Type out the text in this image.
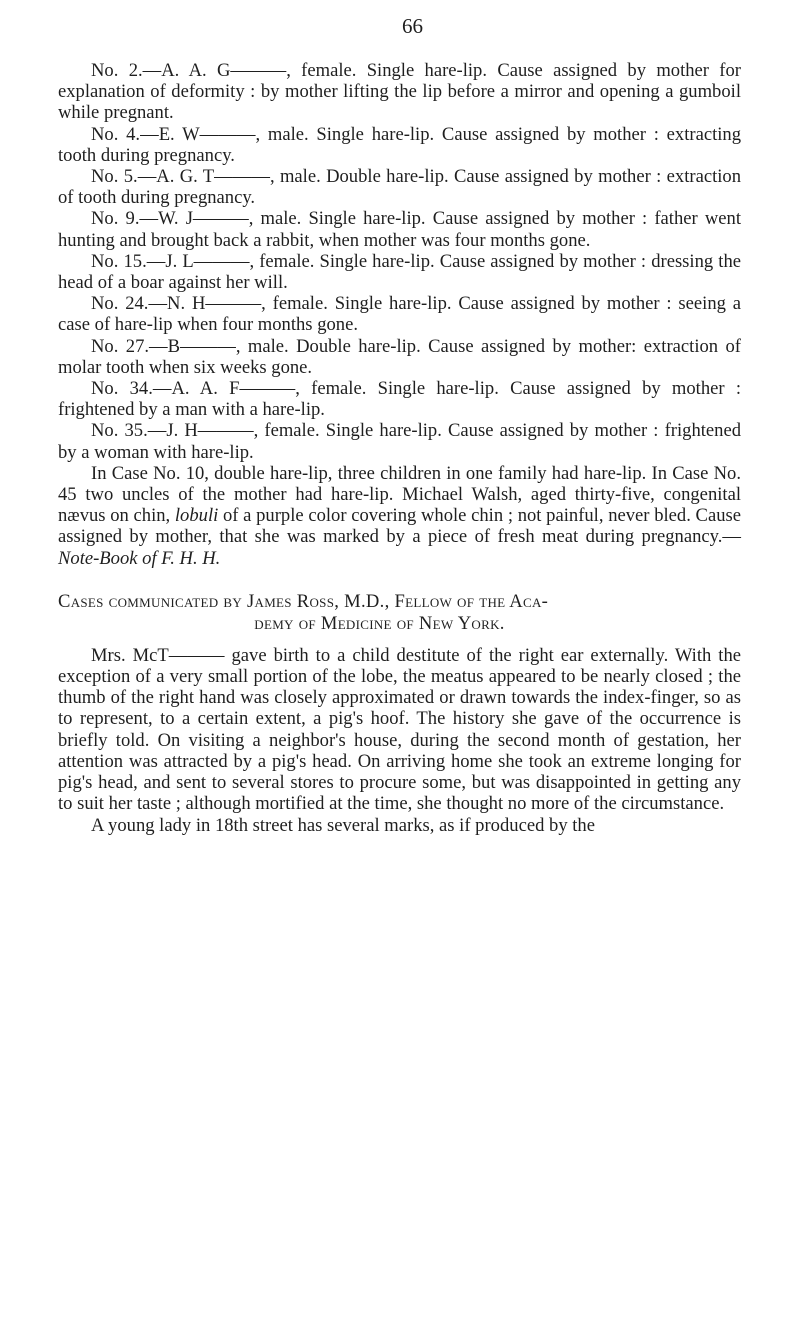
66

No. 2.—A. A. G———, female. Single hare-lip. Cause assigned by mother for explanation of deformity : by mother lifting the lip before a mirror and opening a gumboil while pregnant.

No. 4.—E. W———, male. Single hare-lip. Cause assigned by mother : extracting tooth during pregnancy.

No. 5.—A. G. T———, male. Double hare-lip. Cause assigned by mother : extraction of tooth during pregnancy.

No. 9.—W. J———, male. Single hare-lip. Cause assigned by mother : father went hunting and brought back a rabbit, when mother was four months gone.

No. 15.—J. L———, female. Single hare-lip. Cause assigned by mother : dressing the head of a boar against her will.

No. 24.—N. H———, female. Single hare-lip. Cause assigned by mother : seeing a case of hare-lip when four months gone.

No. 27.—B———, male. Double hare-lip. Cause assigned by mother: extraction of molar tooth when six weeks gone.

No. 34.—A. A. F———, female. Single hare-lip. Cause assigned by mother : frightened by a man with a hare-lip.

No. 35.—J. H———, female. Single hare-lip. Cause assigned by mother : frightened by a woman with hare-lip.

In Case No. 10, double hare-lip, three children in one family had hare-lip. In Case No. 45 two uncles of the mother had hare-lip. Michael Walsh, aged thirty-five, congenital nævus on chin, lobuli of a purple color covering whole chin ; not painful, never bled. Cause assigned by mother, that she was marked by a piece of fresh meat during pregnancy.—Note-Book of F. H. H.

Cases communicated by James Ross, M.D., Fellow of the Aca-
demy of Medicine of New York.

Mrs. McT——— gave birth to a child destitute of the right ear externally. With the exception of a very small portion of the lobe, the meatus appeared to be nearly closed ; the thumb of the right hand was closely approximated or drawn towards the index-finger, so as to represent, to a certain extent, a pig's hoof. The history she gave of the occurrence is briefly told. On visiting a neighbor's house, during the second month of gestation, her attention was attracted by a pig's head. On arriving home she took an extreme longing for pig's head, and sent to several stores to procure some, but was disappointed in getting any to suit her taste ; although mortified at the time, she thought no more of the circumstance.

A young lady in 18th street has several marks, as if produced by the
